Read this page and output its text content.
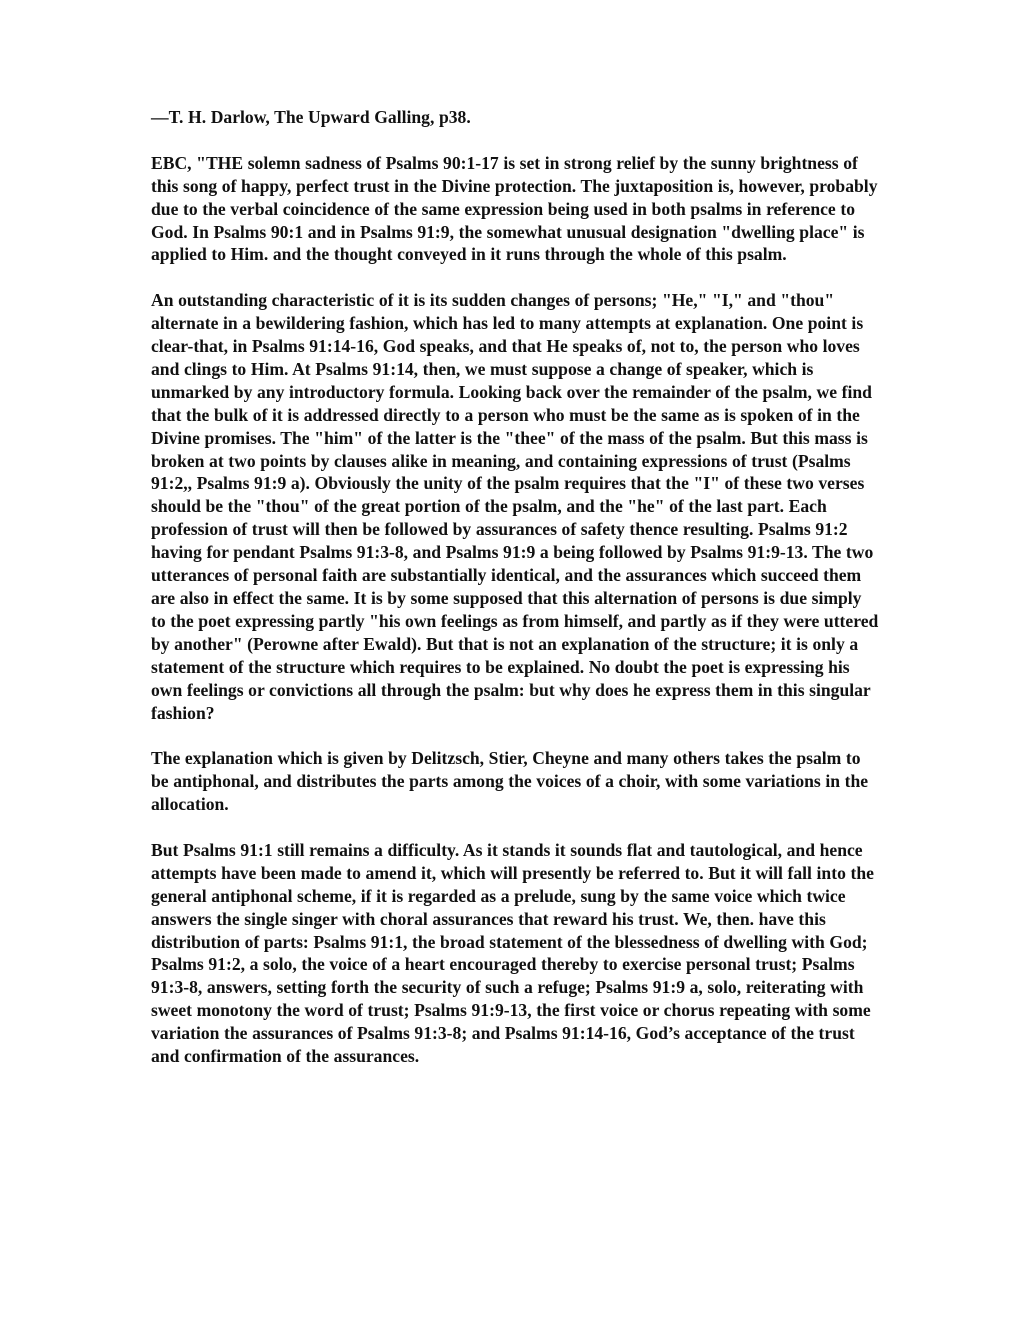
—T. H. Darlow, The Upward Galling, p38.

EBC, "THE solemn sadness of Psalms 90:1-17 is set in strong relief by the sunny brightness of this song of happy, perfect trust in the Divine protection. The juxtaposition is, however, probably due to the verbal coincidence of the same expression being used in both psalms in reference to God. In Psalms 90:1 and in Psalms 91:9, the somewhat unusual designation "dwelling place" is applied to Him. and the thought conveyed in it runs through the whole of this psalm.

An outstanding characteristic of it is its sudden changes of persons; "He," "I," and "thou" alternate in a bewildering fashion, which has led to many attempts at explanation. One point is clear-that, in Psalms 91:14-16, God speaks, and that He speaks of, not to, the person who loves and clings to Him. At Psalms 91:14, then, we must suppose a change of speaker, which is unmarked by any introductory formula. Looking back over the remainder of the psalm, we find that the bulk of it is addressed directly to a person who must be the same as is spoken of in the Divine promises. The "him" of the latter is the "thee" of the mass of the psalm. But this mass is broken at two points by clauses alike in meaning, and containing expressions of trust (Psalms 91:2,, Psalms 91:9 a). Obviously the unity of the psalm requires that the "I" of these two verses should be the "thou" of the great portion of the psalm, and the "he" of the last part. Each profession of trust will then be followed by assurances of safety thence resulting. Psalms 91:2 having for pendant Psalms 91:3-8, and Psalms 91:9 a being followed by Psalms 91:9-13. The two utterances of personal faith are substantially identical, and the assurances which succeed them are also in effect the same. It is by some supposed that this alternation of persons is due simply to the poet expressing partly "his own feelings as from himself, and partly as if they were uttered by another" (Perowne after Ewald). But that is not an explanation of the structure; it is only a statement of the structure which requires to be explained. No doubt the poet is expressing his own feelings or convictions all through the psalm: but why does he express them in this singular fashion?

The explanation which is given by Delitzsch, Stier, Cheyne and many others takes the psalm to be antiphonal, and distributes the parts among the voices of a choir, with some variations in the allocation.

But Psalms 91:1 still remains a difficulty. As it stands it sounds flat and tautological, and hence attempts have been made to amend it, which will presently be referred to. But it will fall into the general antiphonal scheme, if it is regarded as a prelude, sung by the same voice which twice answers the single singer with choral assurances that reward his trust. We, then. have this distribution of parts: Psalms 91:1, the broad statement of the blessedness of dwelling with God; Psalms 91:2, a solo, the voice of a heart encouraged thereby to exercise personal trust; Psalms 91:3-8, answers, setting forth the security of such a refuge; Psalms 91:9 a, solo, reiterating with sweet monotony the word of trust; Psalms 91:9-13, the first voice or chorus repeating with some variation the assurances of Psalms 91:3-8; and Psalms 91:14-16, God’s acceptance of the trust and confirmation of the assurances.
